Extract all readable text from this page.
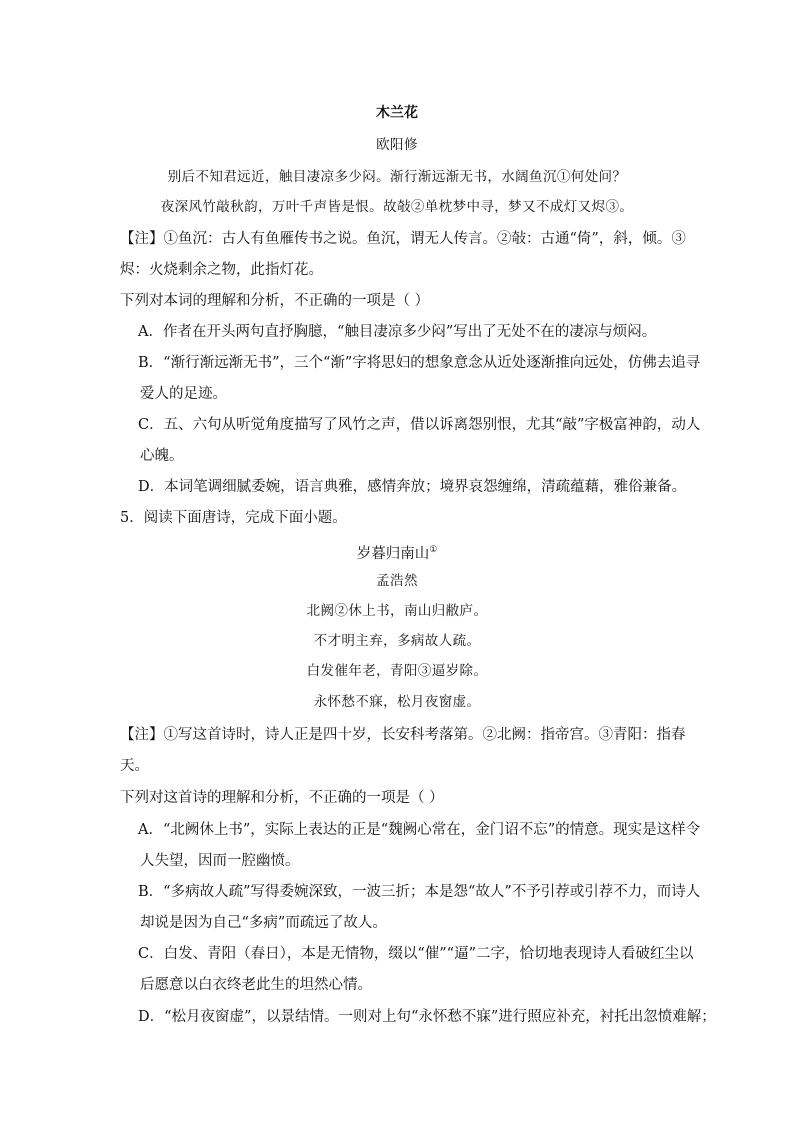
木兰花
欧阳修
别后不知君远近，触目凄凉多少闷。渐行渐远渐无书，水阔鱼沉①何处问？
夜深风竹敲秋韵，万叶千声皆是恨。故敧②单枕梦中寻，梦又不成灯又烬③。
【注】①鱼沉：古人有鱼雁传书之说。鱼沉，谓无人传言。②敧：古通“倚”，斜，倾。③
烬：火烧剩余之物，此指灯花。
下列对本词的理解和分析，不正确的一项是（ ）
A．作者在开头两句直抒胸臆，“触目凄凉多少闷”写出了无处不在的凄凉与烦闷。
B．“渐行渐远渐无书”，三个“渐”字将思妇的想象意念从近处逐渐推向远处，仿佛去追寻
爱人的足迹。
C．五、六句从听觉角度描写了风竹之声，借以诉离怨别恨，尤其“敲”字极富神韵，动人
心魄。
D．本词笔调细腻委婉，语言典雅，感情奔放；境界哀怨缠绵，清疏蕴藉，雅俗兼备。
5．阅读下面唐诗，完成下面小题。
岁暮归南山①
孟浩然
北阙②休上书，南山归敝庐。
不才明主弃，多病故人疏。
白发催年老，青阳③逼岁除。
永怀愁不寐，松月夜窗虚。
【注】①写这首诗时，诗人正是四十岁，长安科考落第。②北阙：指帝宫。③青阳：指春
天。
下列对这首诗的理解和分析，不正确的一项是（ ）
A．“北阙休上书”，实际上表达的正是“魏阙心常在，金门诏不忘”的情意。现实是这样令
人失望，因而一腔幽愤。
B．“多病故人疏”写得委婉深致，一波三折；本是怨“故人”不予引荐或引荐不力，而诗人
却说是因为自己“多病”而疏远了故人。
C．白发、青阳（春日），本是无情物，缀以“催”“逼”二字，恰切地表现诗人看破红尘以
后愿意以白衣终老此生的坦然心情。
D．“松月夜窗虚”，以景结情。一则对上句“永怀愁不寐”进行照应补充，衬托出忽愤难解；
